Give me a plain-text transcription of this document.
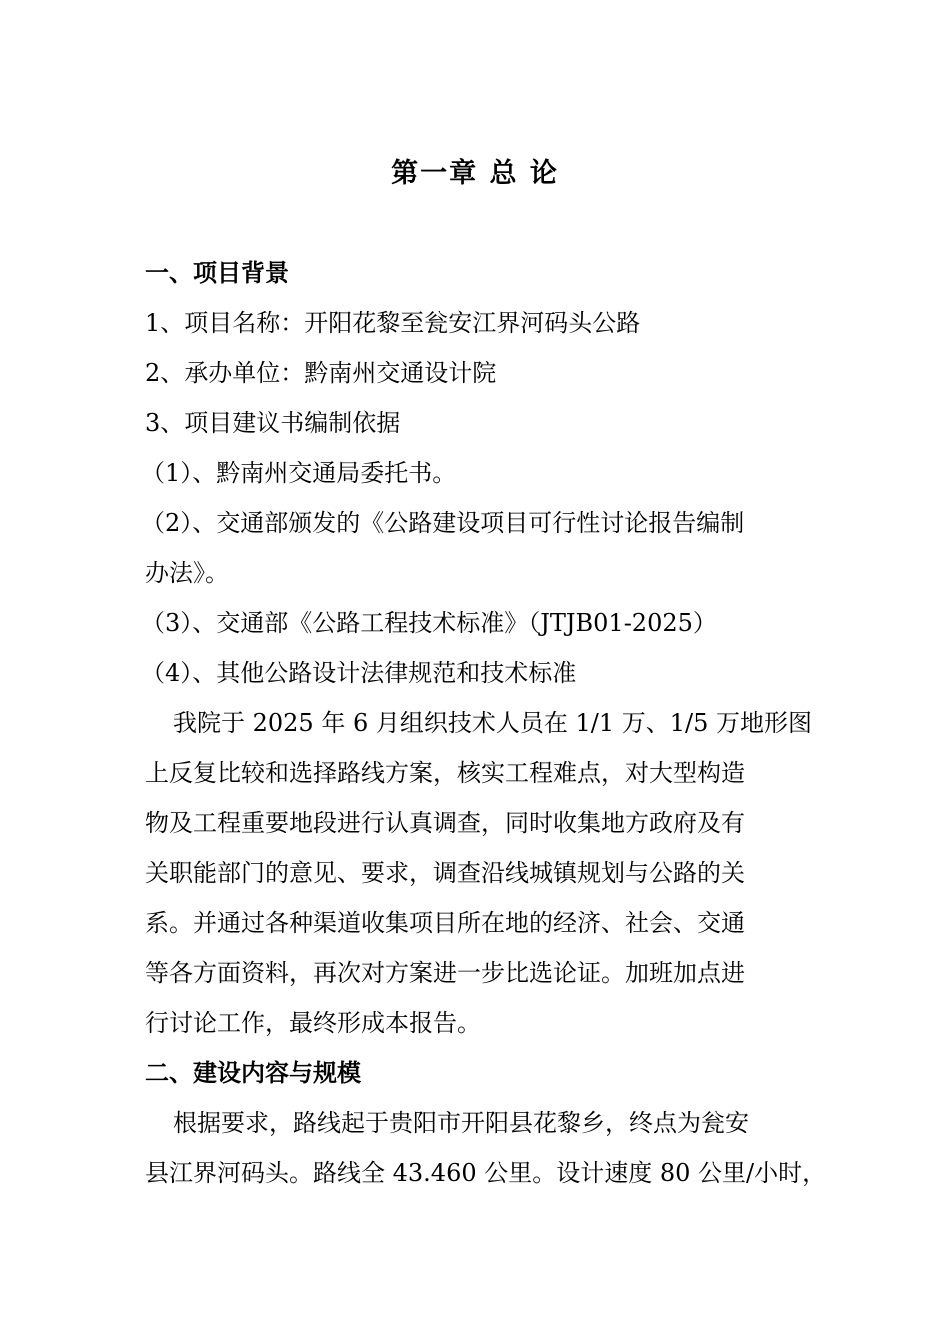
第一章 总 论
一、项目背景
1、项目名称：开阳花黎至瓮安江界河码头公路
2、承办单位：黔南州交通设计院
3、项目建议书编制依据
（1）、黔南州交通局委托书。
（2）、交通部颁发的《公路建设项目可行性讨论报告编制
办法》。
（3）、交通部《公路工程技术标准》（JTJB01-2025）
（4）、其他公路设计法律规范和技术标准
我院于 2025 年 6 月组织技术人员在 1/1 万、1/5 万地形图
上反复比较和选择路线方案，核实工程难点，对大型构造
物及工程重要地段进行认真调查，同时收集地方政府及有
关职能部门的意见、要求，调查沿线城镇规划与公路的关
系。并通过各种渠道收集项目所在地的经济、社会、交通
等各方面资料，再次对方案进一步比选论证。加班加点进
行讨论工作，最终形成本报告。
二、建设内容与规模
根据要求，路线起于贵阳市开阳县花黎乡，终点为瓮安
县江界河码头。路线全 43.460 公里。设计速度 80 公里/小时，
